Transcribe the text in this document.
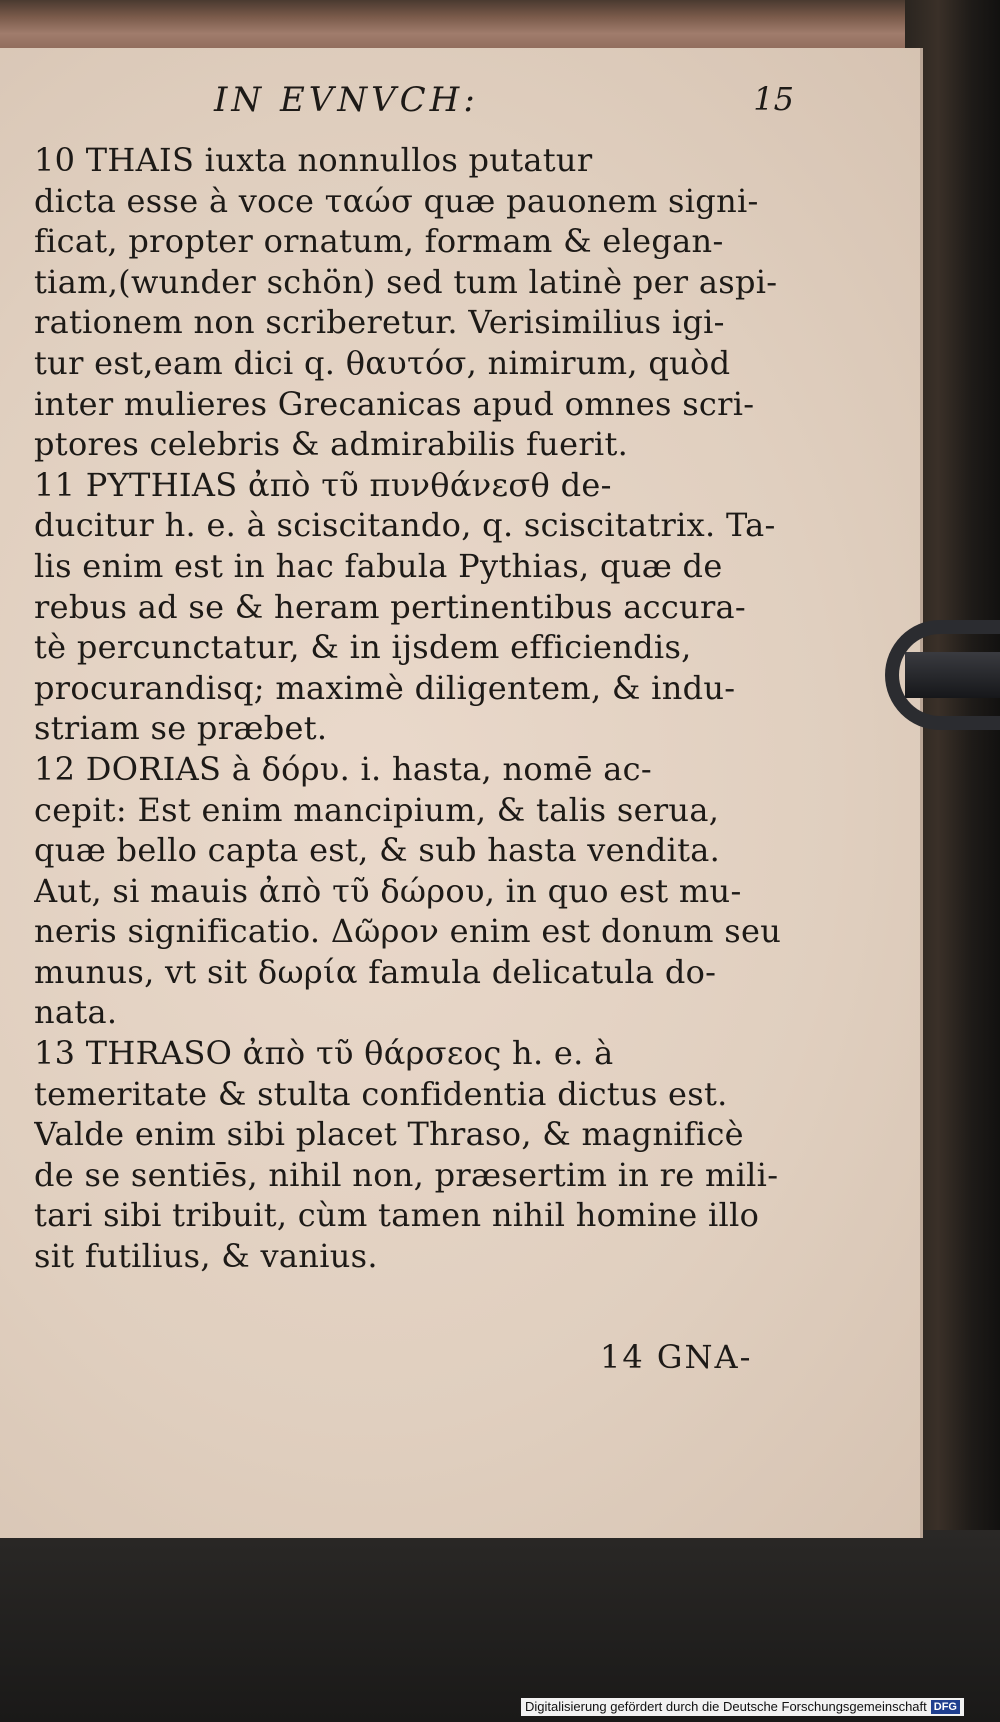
IN EVNVCH:	15
10 THAIS iuxta nonnullos putatur
dicta esse à voce ταώσ quæ pauonem signi-
ficat, propter ornatum, formam & elegan-
tiam,(wunder schön) sed tum latinè per aspi-
rationem non scriberetur. Verisimilius igi-
tur est,eam dici q. θαυτόσ, nimirum, quòd
inter mulieres Grecanicas apud omnes scri-
ptores celebris & admirabilis fuerit.
11 PYTHIAS ἀπὸ τῦ πυνθάνεσθ de-
ducitur h. e. à sciscitando, q. sciscitatrix. Ta-
lis enim est in hac fabula Pythias, quæ de
rebus ad se & heram pertinentibus accura-
tè percunctatur, & in ijsdem efficiendis,
procurandisq; maximè diligentem, & indu-
striam se præbet.
12 DORIAS à δόρυ. i. hasta, nomē ac-
cepit: Est enim mancipium, & talis serua,
quæ bello capta est, & sub hasta vendita.
Aut, si mauis ἀπὸ τῦ δώρου, in quo est mu-
neris significatio. Δῶρον enim est donum seu
munus, vt sit δωρία famula delicatula do-
nata.
13 THRASO ἀπὸ τῦ θάρσεος h. e. à
temeritate & stulta confidentia dictus est.
Valde enim sibi placet Thraso, & magnificè
de se sentiēs, nihil non, præsertim in re mili-
tari sibi tribuit, cùm tamen nihil homine illo
sit futilius, & vanius.
14 GNA-
Digitalisierung gefördert durch die Deutsche Forschungsgemeinschaft DFG
